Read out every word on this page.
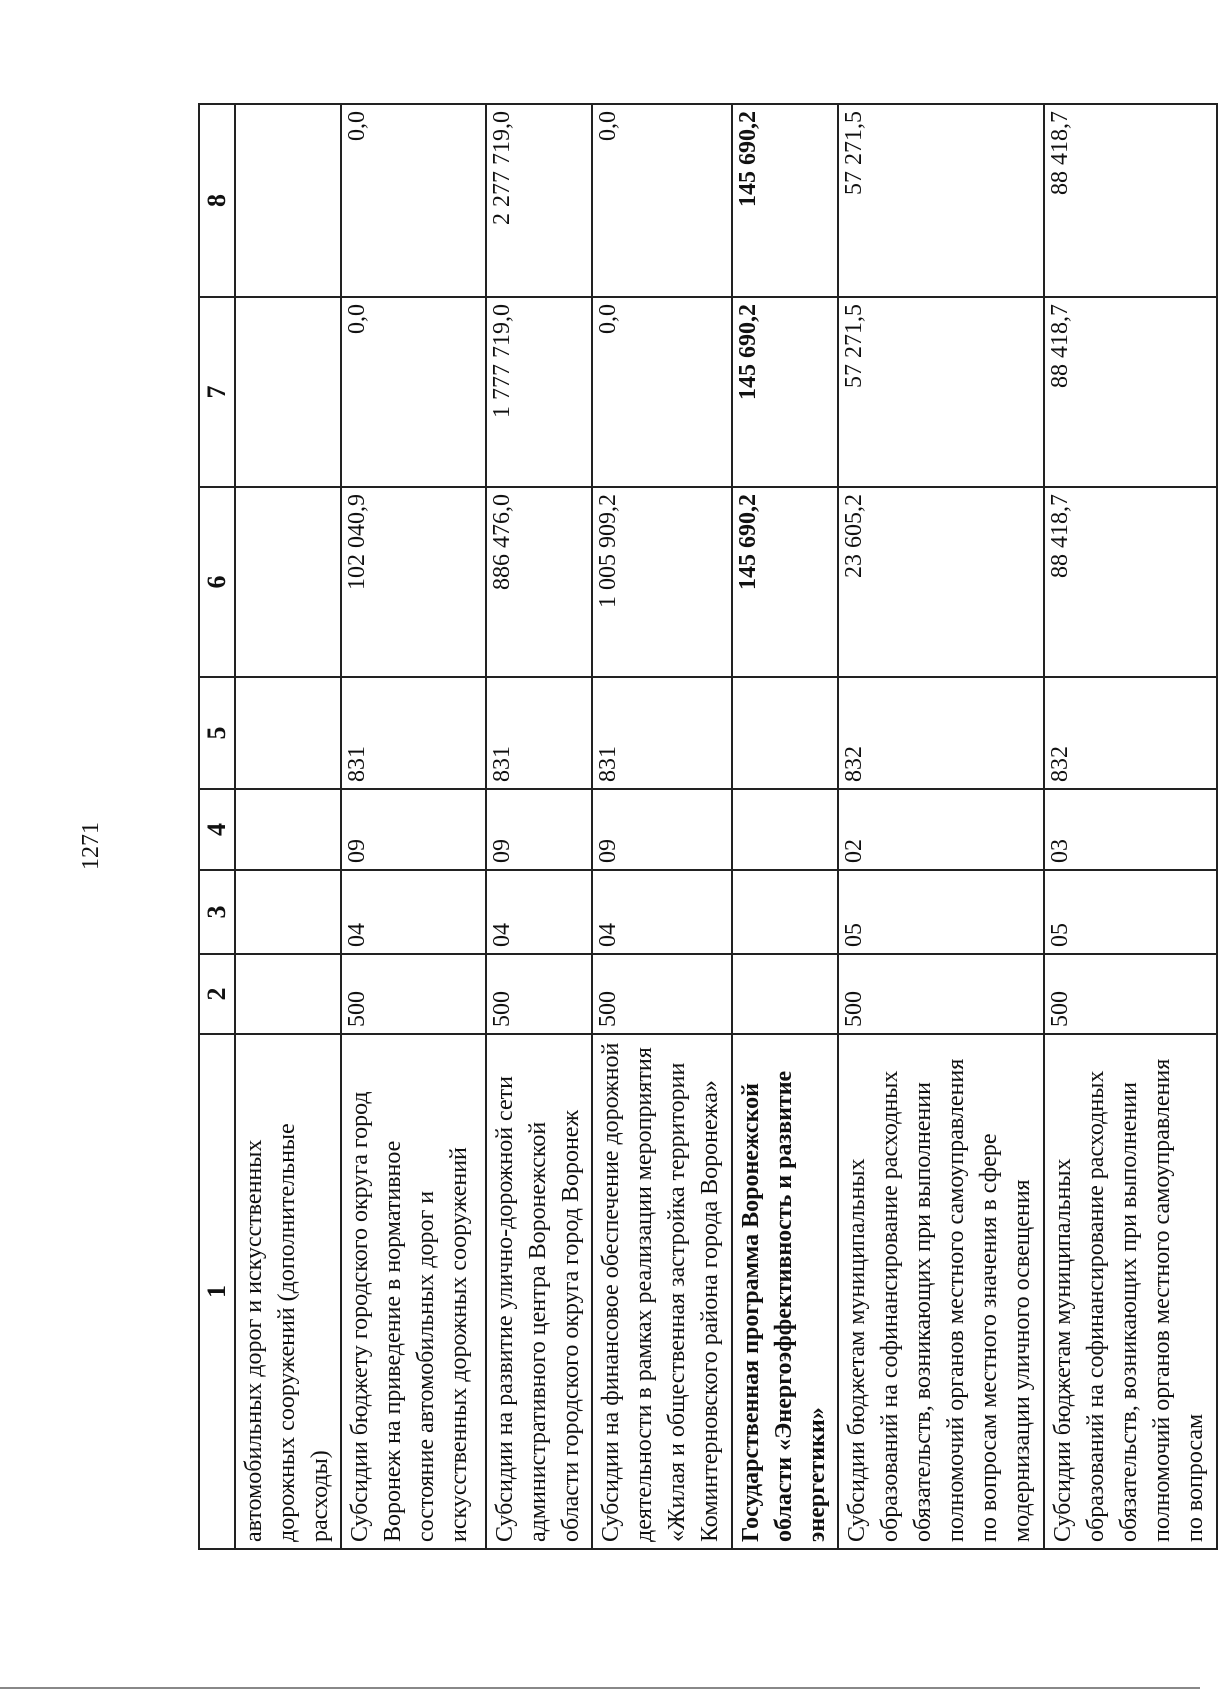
1271
1	2	3	4	5	6	7	8
автомобильных дорог и искусственных дорожных сооружений (дополнительные расходы)							
Субсидии бюджету городского округа город Воронеж на приведение в нормативное состояние автомобильных дорог и искусственных дорожных сооружений	500	04	09	831	102 040,9	0,0	0,0
Субсидии на развитие улично-дорожной сети административного центра Воронежской области городского округа город Воронеж	500	04	09	831	886 476,0	1 777 719,0	2 277 719,0
Субсидии на финансовое обеспечение дорожной деятельности в рамках реализации мероприятия «Жилая и общественная застройка территории Коминтерновского района города Воронежа»	500	04	09	831	1 005 909,2	0,0	0,0
Государственная программа Воронежской области «Энергоэффективность и развитие энергетики»					145 690,2	145 690,2	145 690,2
Субсидии бюджетам муниципальных образований на софинансирование расходных обязательств, возникающих при выполнении полномочий органов местного самоуправления по вопросам местного значения в сфере модернизации уличного освещения	500	05	02	832	23 605,2	57 271,5	57 271,5
Субсидии бюджетам муниципальных образований на софинансирование расходных обязательств, возникающих при выполнении полномочий органов местного самоуправления по вопросам	500	05	03	832	88 418,7	88 418,7	88 418,7
